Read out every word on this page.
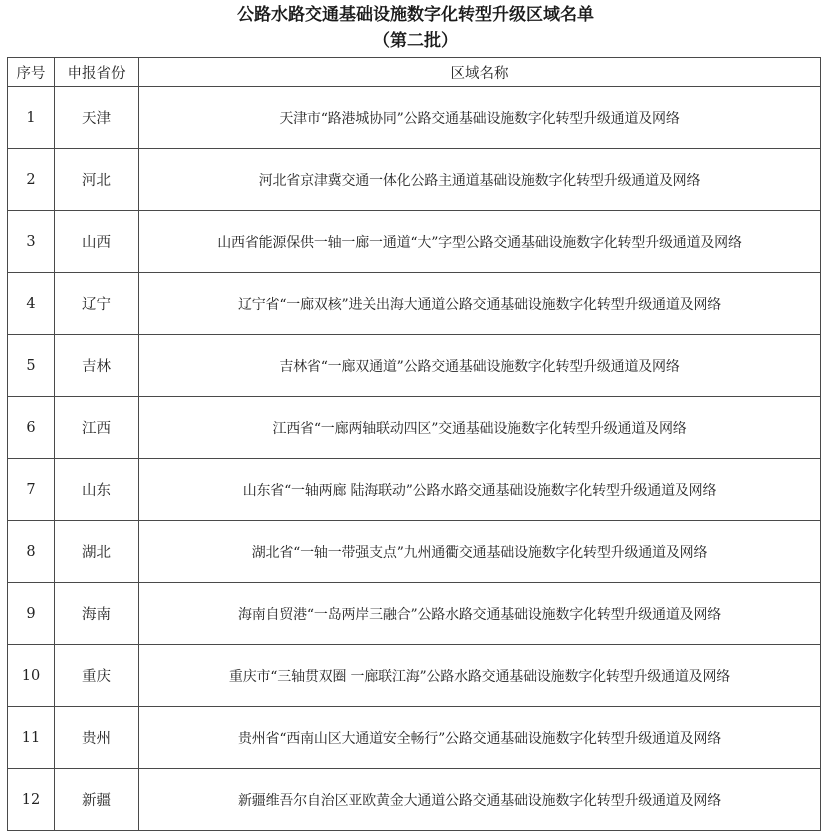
公路水路交通基础设施数字化转型升级区域名单
（第二批）
序号	申报省份	区域名称
1	天津	天津市“路港城协同”公路交通基础设施数字化转型升级通道及网络
2	河北	河北省京津冀交通一体化公路主通道基础设施数字化转型升级通道及网络
3	山西	山西省能源保供一轴一廊一通道“大”字型公路交通基础设施数字化转型升级通道及网络
4	辽宁	辽宁省“一廊双核”进关出海大通道公路交通基础设施数字化转型升级通道及网络
5	吉林	吉林省“一廊双通道”公路交通基础设施数字化转型升级通道及网络
6	江西	江西省“一廊两轴联动四区”交通基础设施数字化转型升级通道及网络
7	山东	山东省“一轴两廊 陆海联动”公路水路交通基础设施数字化转型升级通道及网络
8	湖北	湖北省“一轴一带强支点”九州通衢交通基础设施数字化转型升级通道及网络
9	海南	海南自贸港“一岛两岸三融合”公路水路交通基础设施数字化转型升级通道及网络
10	重庆	重庆市“三轴贯双圈 一廊联江海”公路水路交通基础设施数字化转型升级通道及网络
11	贵州	贵州省“西南山区大通道安全畅行”公路交通基础设施数字化转型升级通道及网络
12	新疆	新疆维吾尔自治区亚欧黄金大通道公路交通基础设施数字化转型升级通道及网络
